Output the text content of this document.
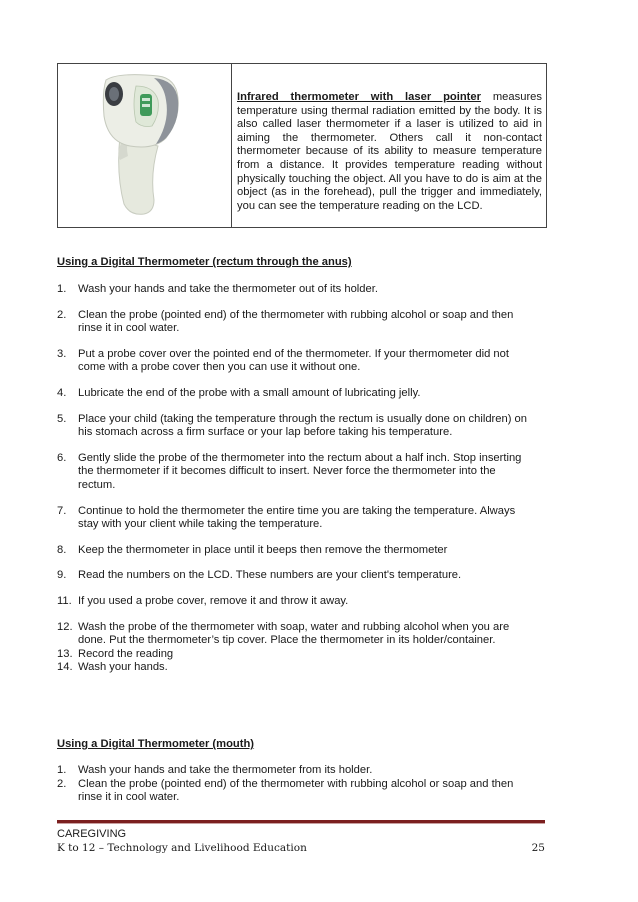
Infrared thermometer with laser pointer measures temperature using thermal radiation emitted by the body. It is also called laser thermometer if a laser is utilized to aid in aiming the thermometer. Others call it non-contact thermometer because of its ability to measure temperature from a distance. It provides temperature reading without physically touching the object. All you have to do is aim at the object (as in the forehead), pull the trigger and immediately, you can see the temperature reading on the LCD.
Using a Digital Thermometer (rectum through the anus)
1. Wash your hands and take the thermometer out of its holder.
2. Clean the probe (pointed end) of the thermometer with rubbing alcohol or soap and then rinse it in cool water.
3. Put a probe cover over the pointed end of the thermometer. If your thermometer did not come with a probe cover then you can use it without one.
4. Lubricate the end of the probe with a small amount of lubricating jelly.
5. Place your child (taking the temperature through the rectum is usually done on children) on his stomach across a firm surface or your lap before taking his temperature.
6. Gently slide the probe of the thermometer into the rectum about a half inch. Stop inserting the thermometer if it becomes difficult to insert. Never force the thermometer into the rectum.
7. Continue to hold the thermometer the entire time you are taking the temperature. Always stay with your client while taking the temperature.
8. Keep the thermometer in place until it beeps then remove the thermometer
9. Read the numbers on the LCD. These numbers are your client's temperature.
11. If you used a probe cover, remove it and throw it away.
12. Wash the probe of the thermometer with soap, water and rubbing alcohol when you are done. Put the thermometer’s tip cover. Place the thermometer in its holder/container.
13. Record the reading
14. Wash your hands.
Using a Digital Thermometer (mouth)
1. Wash your hands and take the thermometer from its holder.
2. Clean the probe (pointed end) of the thermometer with rubbing alcohol or soap and then rinse it in cool water.
CAREGIVING
K to 12 – Technology and Livelihood Education	25
